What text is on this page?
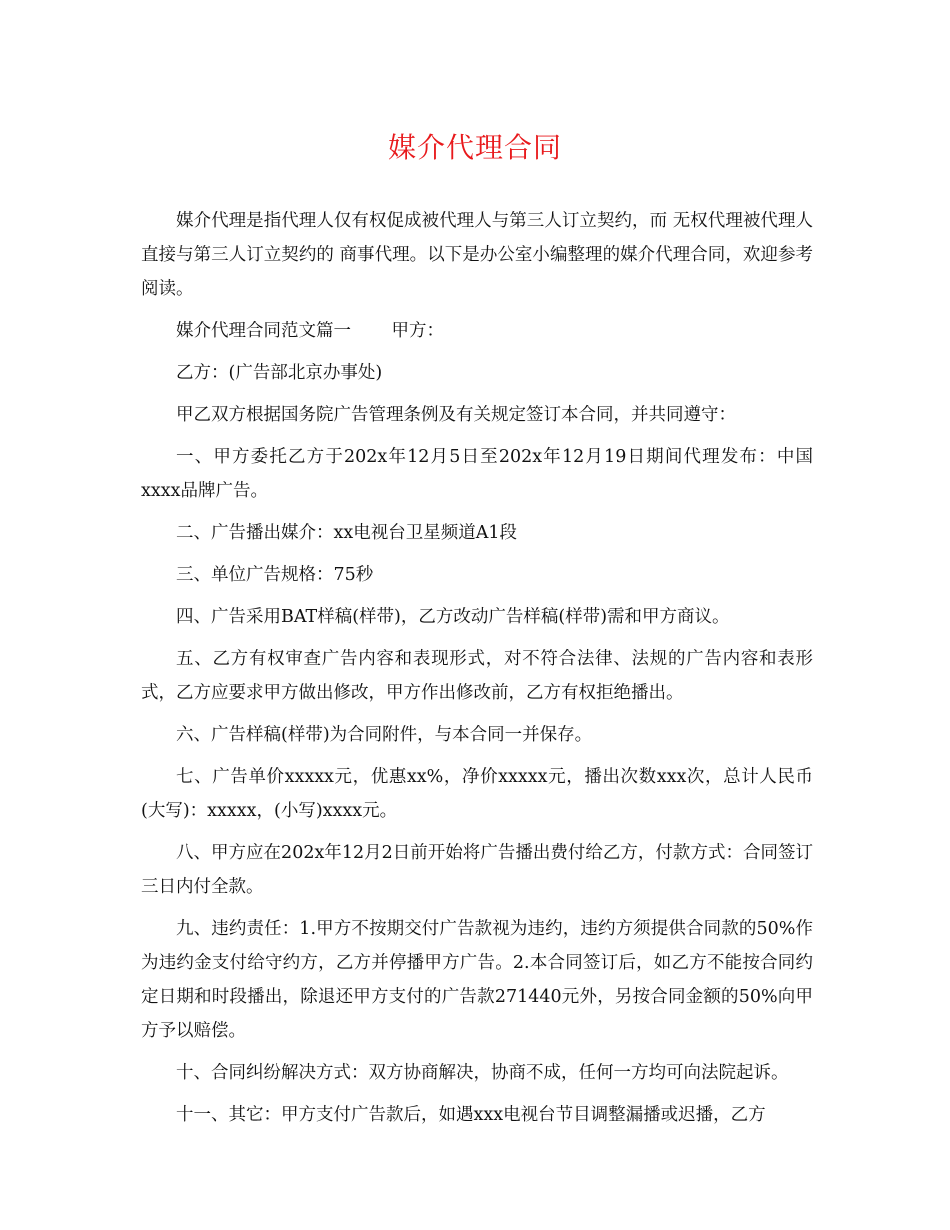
媒介代理合同

媒介代理是指代理人仅有权促成被代理人与第三人订立契约，而 无权代理被代理人直接与第三人订立契约的 商事代理。以下是办公室小编整理的媒介代理合同，欢迎参考阅读。

媒介代理合同范文篇一　　 甲方：

乙方：(广告部北京办事处)

甲乙双方根据国务院广告管理条例及有关规定签订本合同，并共同遵守：

一、甲方委托乙方于202x年12月5日至202x年12月19日期间代理发布：中国xxxx品牌广告。

二、广告播出媒介：xx电视台卫星频道A1段

三、单位广告规格：75秒

四、广告采用BAT样稿(样带)，乙方改动广告样稿(样带)需和甲方商议。

五、乙方有权审查广告内容和表现形式，对不符合法律、法规的广告内容和表形式，乙方应要求甲方做出修改，甲方作出修改前，乙方有权拒绝播出。

六、广告样稿(样带)为合同附件，与本合同一并保存。

七、广告单价xxxxx元，优惠xx%，净价xxxxx元，播出次数xxx次，总计人民币(大写)：xxxxx，(小写)xxxx元。

八、甲方应在202x年12月2日前开始将广告播出费付给乙方，付款方式：合同签订三日内付全款。

九、违约责任：1.甲方不按期交付广告款视为违约，违约方须提供合同款的50%作为违约金支付给守约方，乙方并停播甲方广告。2.本合同签订后，如乙方不能按合同约定日期和时段播出，除退还甲方支付的广告款271440元外，另按合同金额的50%向甲方予以赔偿。

十、合同纠纷解决方式：双方协商解决，协商不成，任何一方均可向法院起诉。

十一、其它：甲方支付广告款后，如遇xxx电视台节目调整漏播或迟播，乙方
